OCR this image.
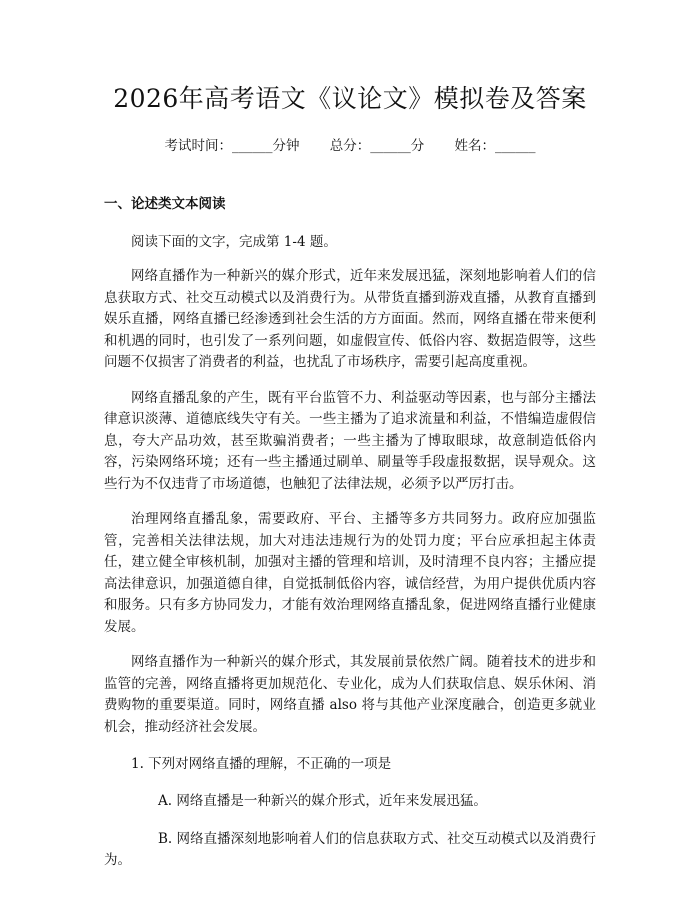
2026年高考语文《议论文》模拟卷及答案
考试时间：______分钟 总分：______分 姓名：______
一、论述类文本阅读
阅读下面的文字，完成第 1-4 题。

网络直播作为一种新兴的媒介形式，近年来发展迅猛，深刻地影响着人们的信息获取方式、社交互动模式以及消费行为。从带货直播到游戏直播，从教育直播到娱乐直播，网络直播已经渗透到社会生活的方方面面。然而，网络直播在带来便利和机遇的同时，也引发了一系列问题，如虚假宣传、低俗内容、数据造假等，这些问题不仅损害了消费者的利益，也扰乱了市场秩序，需要引起高度重视。

网络直播乱象的产生，既有平台监管不力、利益驱动等因素，也与部分主播法律意识淡薄、道德底线失守有关。一些主播为了追求流量和利益，不惜编造虚假信息，夸大产品功效，甚至欺骗消费者；一些主播为了博取眼球，故意制造低俗内容，污染网络环境；还有一些主播通过刷单、刷量等手段虚报数据，误导观众。这些行为不仅违背了市场道德，也触犯了法律法规，必须予以严厉打击。

治理网络直播乱象，需要政府、平台、主播等多方共同努力。政府应加强监管，完善相关法律法规，加大对违法违规行为的处罚力度；平台应承担起主体责任，建立健全审核机制，加强对主播的管理和培训，及时清理不良内容；主播应提高法律意识，加强道德自律，自觉抵制低俗内容，诚信经营，为用户提供优质内容和服务。只有多方协同发力，才能有效治理网络直播乱象，促进网络直播行业健康发展。

网络直播作为一种新兴的媒介形式，其发展前景依然广阔。随着技术的进步和监管的完善，网络直播将更加规范化、专业化，成为人们获取信息、娱乐休闲、消费购物的重要渠道。同时，网络直播 also 将与其他产业深度融合，创造更多就业机会，推动经济社会发展。

1. 下列对网络直播的理解，不正确的一项是
A. 网络直播是一种新兴的媒介形式，近年来发展迅猛。
B. 网络直播深刻地影响着人们的信息获取方式、社交互动模式以及消费行为。
